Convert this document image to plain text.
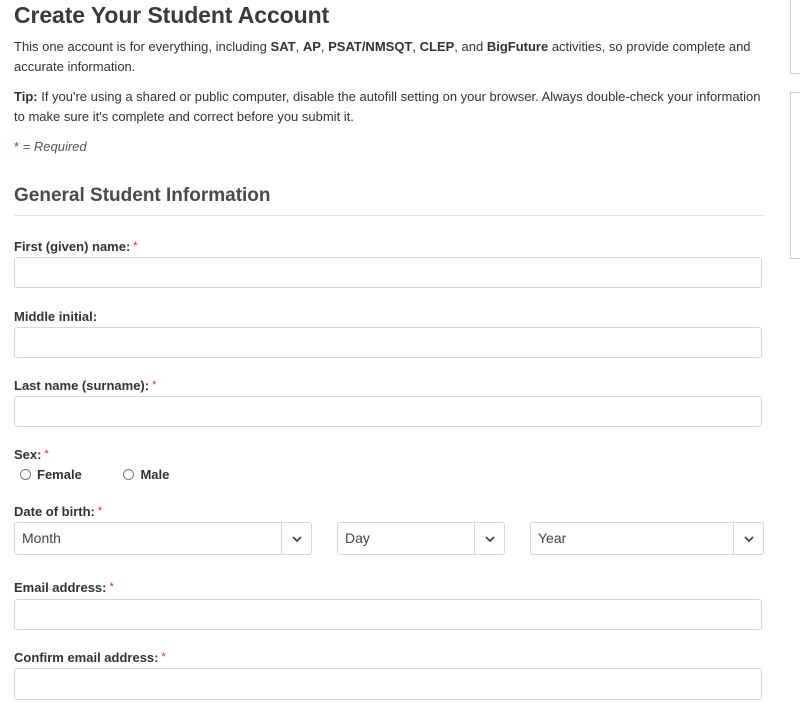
Create Your Student Account

This one account is for everything, including SAT, AP, PSAT/NMSQT, CLEP, and BigFuture activities, so provide complete and accurate information.

Tip: If you're using a shared or public computer, disable the autofill setting on your browser. Always double-check your information to make sure it's complete and correct before you submit it.

* = Required

General Student Information
First (given) name: *
Middle initial:
Last name (surname): *
Sex: *
Female
	Male
Date of birth: *
Month	Day	Year
Email address: *
Confirm email address: *
